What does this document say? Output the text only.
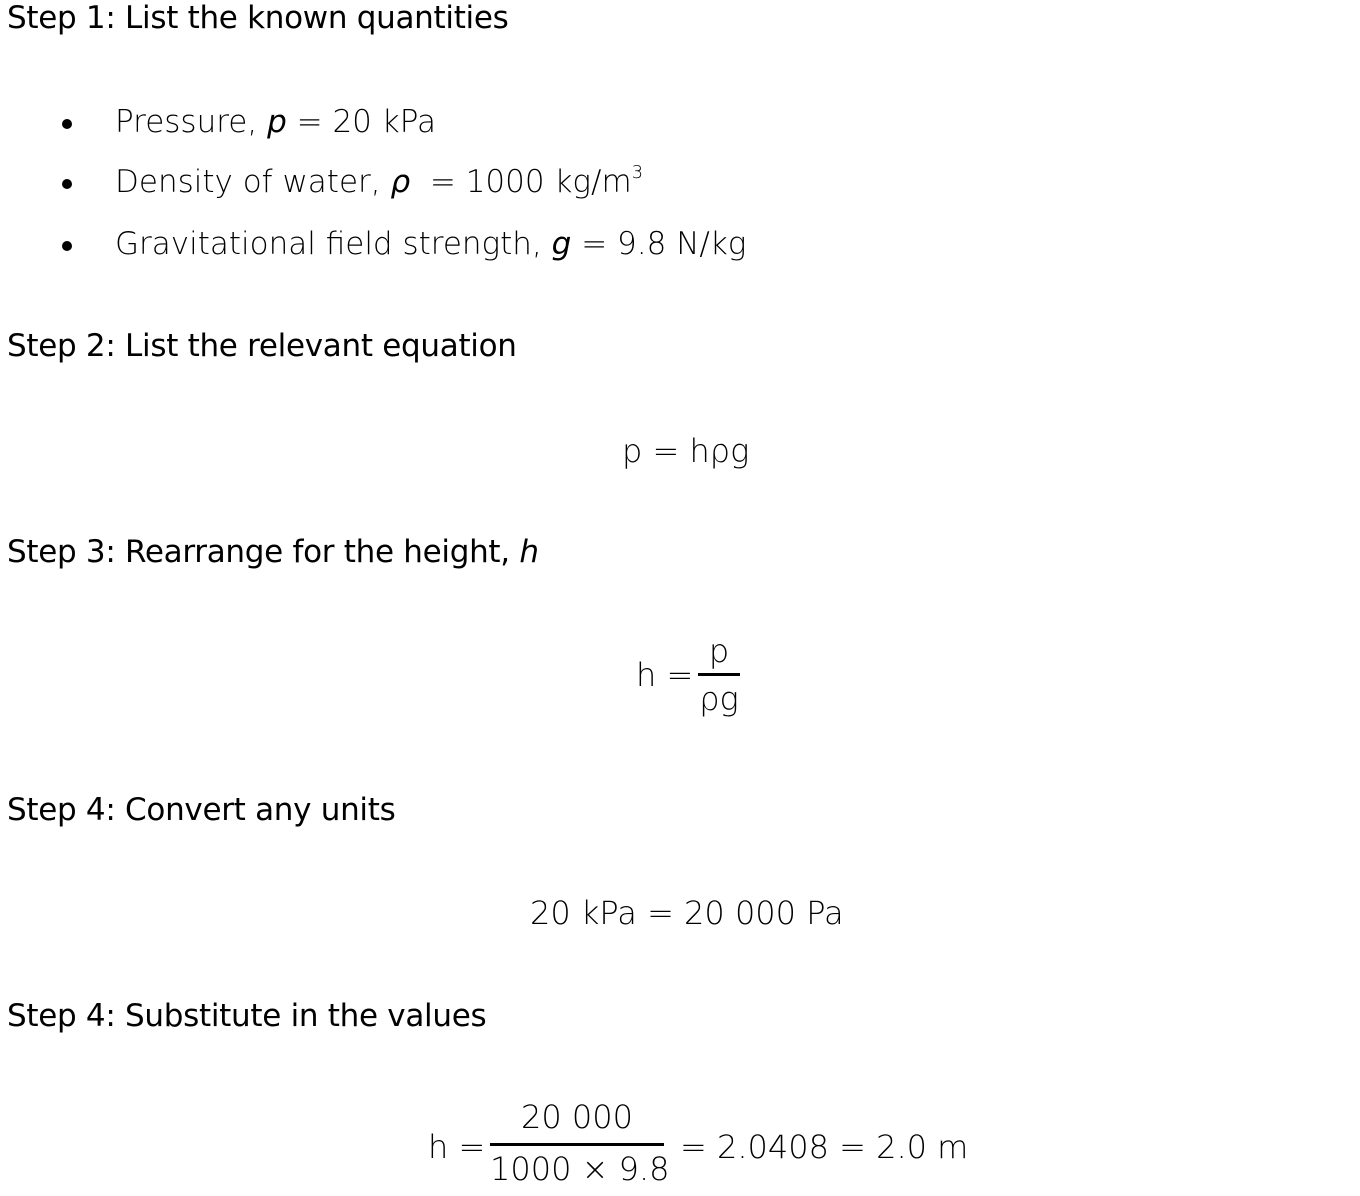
Step 1: List the known quantities
Pressure, p = 20 kPa
Density of water, ρ  = 1000 $kg/m^3$
Gravitational field strength, g = 9.8 N/kg
Step 2: List the relevant equation
p = hρg
Step 3: Rearrange for the height, h
h =
p
ρg
Step 4: Convert any units
20 kPa = 20 000 Pa
Step 4: Substitute in the values
h =
20 000
1000 × 9.8
= 2.0408 = 2.0 m
